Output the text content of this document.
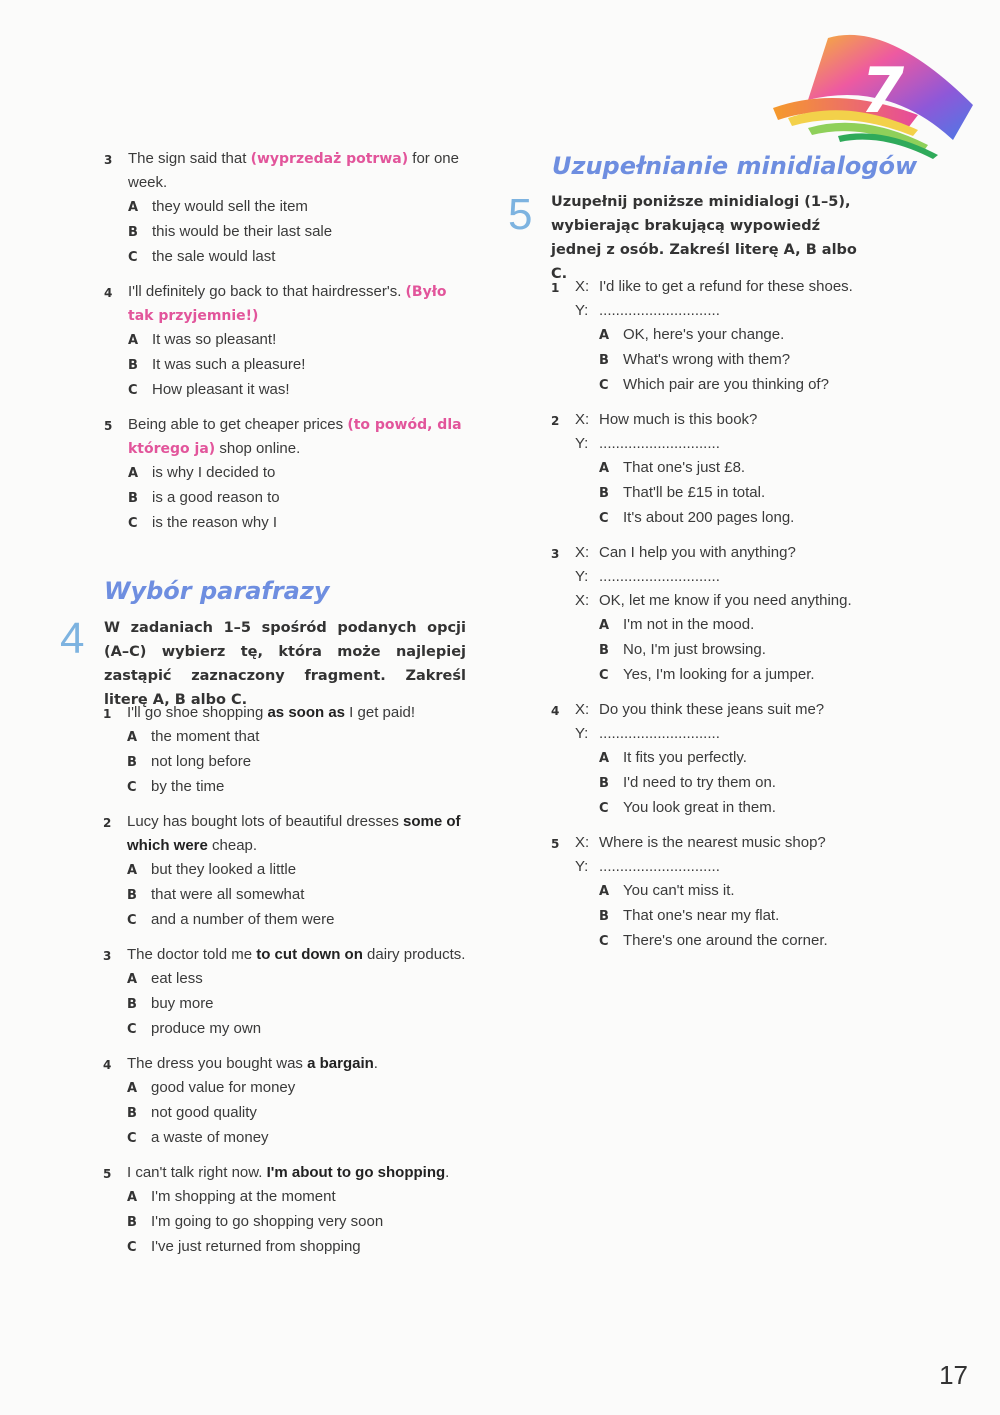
7
3 The sign said that (wyprzedaż potrwa) for one week.
A they would sell the item
B this would be their last sale
C the sale would last
4 I'll definitely go back to that hairdresser's. (Było tak przyjemnie!)
A It was so pleasant!
B It was such a pleasure!
C How pleasant it was!
5 Being able to get cheaper prices (to powód, dla którego ja) shop online.
A is why I decided to
B is a good reason to
C is the reason why I
Wybór parafrazy
4 W zadaniach 1–5 spośród podanych opcji (A–C) wybierz tę, która może najlepiej zastąpić zaznaczony fragment. Zakreśl literę A, B albo C.
1 I'll go shoe shopping as soon as I get paid!
A the moment that
B not long before
C by the time
2 Lucy has bought lots of beautiful dresses some of which were cheap.
A but they looked a little
B that were all somewhat
C and a number of them were
3 The doctor told me to cut down on dairy products.
A eat less
B buy more
C produce my own
4 The dress you bought was a bargain.
A good value for money
B not good quality
C a waste of money
5 I can't talk right now. I'm about to go shopping.
A I'm shopping at the moment
B I'm going to go shopping very soon
C I've just returned from shopping
Uzupełnianie minidialogów
5 Uzupełnij poniższe minidialogi (1–5), wybierając brakującą wypowiedź jednej z osób. Zakreśl literę A, B albo C.
1 X: I'd like to get a refund for these shoes.
Y: .............................
A OK, here's your change.
B What's wrong with them?
C Which pair are you thinking of?
2 X: How much is this book?
Y: .............................
A That one's just £8.
B That'll be £15 in total.
C It's about 200 pages long.
3 X: Can I help you with anything?
Y: .............................
X: OK, let me know if you need anything.
A I'm not in the mood.
B No, I'm just browsing.
C Yes, I'm looking for a jumper.
4 X: Do you think these jeans suit me?
Y: .............................
A It fits you perfectly.
B I'd need to try them on.
C You look great in them.
5 X: Where is the nearest music shop?
Y: .............................
A You can't miss it.
B That one's near my flat.
C There's one around the corner.
17
